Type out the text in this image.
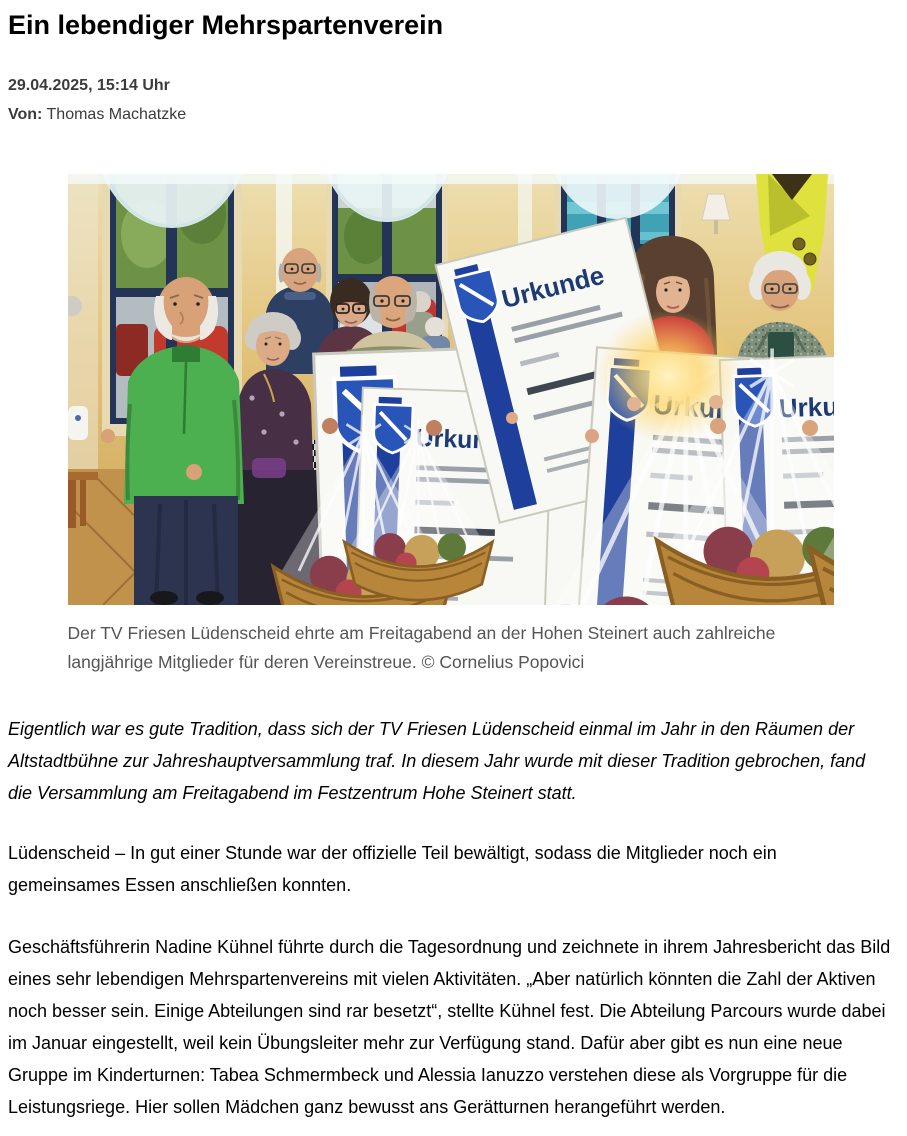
Ein lebendiger Mehrspartenverein

29.04.2025, 15:14 Uhr

Von: Thomas Machatzke

Der TV Friesen Lüdenscheid ehrte am Freitagabend an der Hohen Steinert auch zahlreiche langjährige Mitglieder für deren Vereinstreue. © Cornelius Popovici

Eigentlich war es gute Tradition, dass sich der TV Friesen Lüdenscheid einmal im Jahr in den Räumen der Altstadtbühne zur Jahreshauptversammlung traf. In diesem Jahr wurde mit dieser Tradition gebrochen, fand die Versammlung am Freitagabend im Festzentrum Hohe Steinert statt.

Lüdenscheid – In gut einer Stunde war der offizielle Teil bewältigt, sodass die Mitglieder noch ein gemeinsames Essen anschließen konnten.

Geschäftsführerin Nadine Kühnel führte durch die Tagesordnung und zeichnete in ihrem Jahresbericht das Bild eines sehr lebendigen Mehrspartenvereins mit vielen Aktivitäten. „Aber natürlich könnten die Zahl der Aktiven noch besser sein. Einige Abteilungen sind rar besetzt“, stellte Kühnel fest. Die Abteilung Parcours wurde dabei im Januar eingestellt, weil kein Übungsleiter mehr zur Verfügung stand. Dafür aber gibt es nun eine neue Gruppe im Kinderturnen: Tabea Schmermbeck und Alessia Ianuzzo verstehen diese als Vorgruppe für die Leistungsriege. Hier sollen Mädchen ganz bewusst ans Gerätturnen herangeführt werden.
